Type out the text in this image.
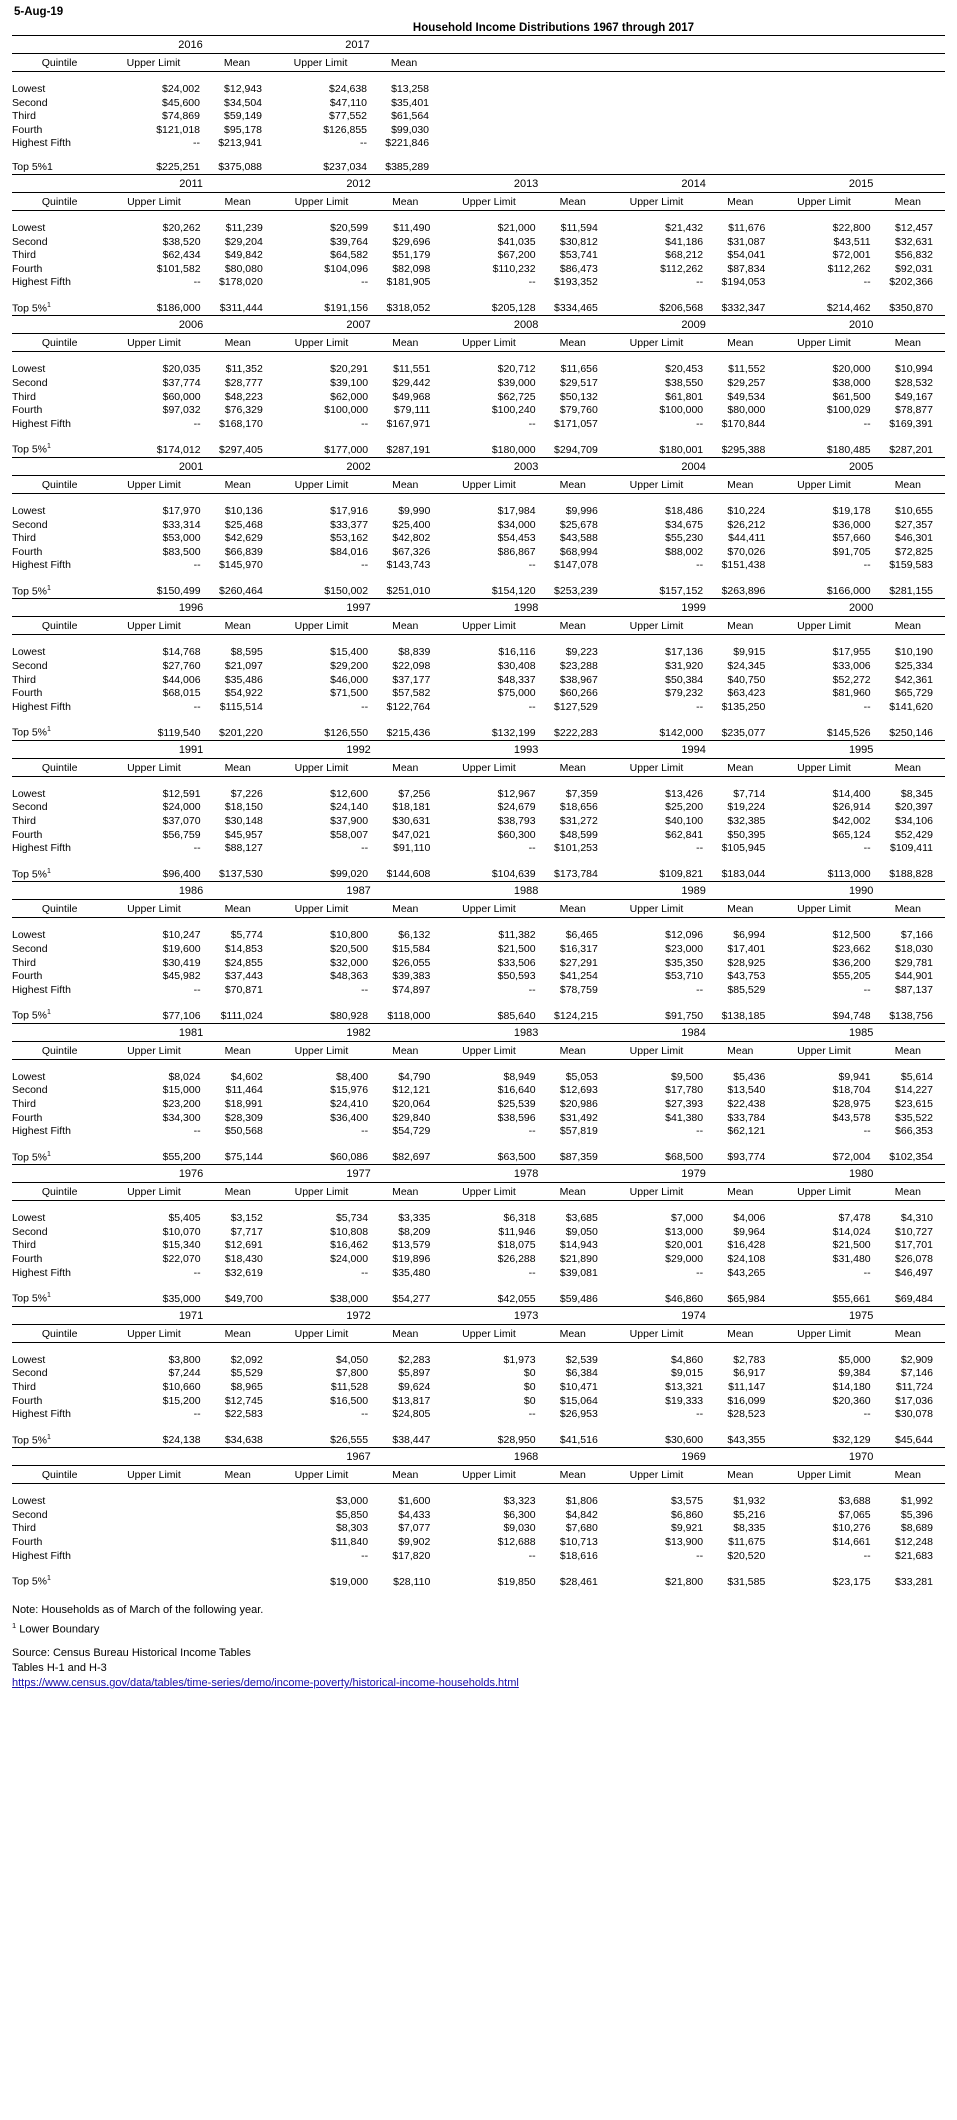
5-Aug-19
Household Income Distributions 1967 through 2017
	2016		2017		
Quintile	Upper Limit	Mean	Upper Limit	Mean	

Lowest	$24,002	$12,943	$24,638	$13,258	
Second	$45,600	$34,504	$47,110	$35,401	
Third	$74,869	$59,149	$77,552	$61,564	
Fourth	$121,018	$95,178	$126,855	$99,030	
Highest Fifth	--	$213,941	--	$221,846	

Top 5%1	$225,251	$375,088	$237,034	$385,289	
	2011		2012		2013		2014		2015	
Quintile	Upper Limit	Mean	Upper Limit	Mean	Upper Limit	Mean	Upper Limit	Mean	Upper Limit	Mean

Lowest	$20,262	$11,239	$20,599	$11,490	$21,000	$11,594	$21,432	$11,676	$22,800	$12,457
Second	$38,520	$29,204	$39,764	$29,696	$41,035	$30,812	$41,186	$31,087	$43,511	$32,631
Third	$62,434	$49,842	$64,582	$51,179	$67,200	$53,741	$68,212	$54,041	$72,001	$56,832
Fourth	$101,582	$80,080	$104,096	$82,098	$110,232	$86,473	$112,262	$87,834	$112,262	$92,031
Highest Fifth	--	$178,020	--	$181,905	--	$193,352	--	$194,053	--	$202,366

Top 5%$^1$	$186,000	$311,444	$191,156	$318,052	$205,128	$334,465	$206,568	$332,347	$214,462	$350,870
	2006		2007		2008		2009		2010	
Quintile	Upper Limit	Mean	Upper Limit	Mean	Upper Limit	Mean	Upper Limit	Mean	Upper Limit	Mean

Lowest	$20,035	$11,352	$20,291	$11,551	$20,712	$11,656	$20,453	$11,552	$20,000	$10,994
Second	$37,774	$28,777	$39,100	$29,442	$39,000	$29,517	$38,550	$29,257	$38,000	$28,532
Third	$60,000	$48,223	$62,000	$49,968	$62,725	$50,132	$61,801	$49,534	$61,500	$49,167
Fourth	$97,032	$76,329	$100,000	$79,111	$100,240	$79,760	$100,000	$80,000	$100,029	$78,877
Highest Fifth	--	$168,170	--	$167,971	--	$171,057	--	$170,844	--	$169,391

Top 5%$^1$	$174,012	$297,405	$177,000	$287,191	$180,000	$294,709	$180,001	$295,388	$180,485	$287,201
	2001		2002		2003		2004		2005	
Quintile	Upper Limit	Mean	Upper Limit	Mean	Upper Limit	Mean	Upper Limit	Mean	Upper Limit	Mean

Lowest	$17,970	$10,136	$17,916	$9,990	$17,984	$9,996	$18,486	$10,224	$19,178	$10,655
Second	$33,314	$25,468	$33,377	$25,400	$34,000	$25,678	$34,675	$26,212	$36,000	$27,357
Third	$53,000	$42,629	$53,162	$42,802	$54,453	$43,588	$55,230	$44,411	$57,660	$46,301
Fourth	$83,500	$66,839	$84,016	$67,326	$86,867	$68,994	$88,002	$70,026	$91,705	$72,825
Highest Fifth	--	$145,970	--	$143,743	--	$147,078	--	$151,438	--	$159,583

Top 5%$^1$	$150,499	$260,464	$150,002	$251,010	$154,120	$253,239	$157,152	$263,896	$166,000	$281,155
	1996		1997		1998		1999		2000	
Quintile	Upper Limit	Mean	Upper Limit	Mean	Upper Limit	Mean	Upper Limit	Mean	Upper Limit	Mean

Lowest	$14,768	$8,595	$15,400	$8,839	$16,116	$9,223	$17,136	$9,915	$17,955	$10,190
Second	$27,760	$21,097	$29,200	$22,098	$30,408	$23,288	$31,920	$24,345	$33,006	$25,334
Third	$44,006	$35,486	$46,000	$37,177	$48,337	$38,967	$50,384	$40,750	$52,272	$42,361
Fourth	$68,015	$54,922	$71,500	$57,582	$75,000	$60,266	$79,232	$63,423	$81,960	$65,729
Highest Fifth	--	$115,514	--	$122,764	--	$127,529	--	$135,250	--	$141,620

Top 5%$^1$	$119,540	$201,220	$126,550	$215,436	$132,199	$222,283	$142,000	$235,077	$145,526	$250,146
	1991		1992		1993		1994		1995	
Quintile	Upper Limit	Mean	Upper Limit	Mean	Upper Limit	Mean	Upper Limit	Mean	Upper Limit	Mean

Lowest	$12,591	$7,226	$12,600	$7,256	$12,967	$7,359	$13,426	$7,714	$14,400	$8,345
Second	$24,000	$18,150	$24,140	$18,181	$24,679	$18,656	$25,200	$19,224	$26,914	$20,397
Third	$37,070	$30,148	$37,900	$30,631	$38,793	$31,272	$40,100	$32,385	$42,002	$34,106
Fourth	$56,759	$45,957	$58,007	$47,021	$60,300	$48,599	$62,841	$50,395	$65,124	$52,429
Highest Fifth	--	$88,127	--	$91,110	--	$101,253	--	$105,945	--	$109,411

Top 5%$^1$	$96,400	$137,530	$99,020	$144,608	$104,639	$173,784	$109,821	$183,044	$113,000	$188,828
	1986		1987		1988		1989		1990	
Quintile	Upper Limit	Mean	Upper Limit	Mean	Upper Limit	Mean	Upper Limit	Mean	Upper Limit	Mean

Lowest	$10,247	$5,774	$10,800	$6,132	$11,382	$6,465	$12,096	$6,994	$12,500	$7,166
Second	$19,600	$14,853	$20,500	$15,584	$21,500	$16,317	$23,000	$17,401	$23,662	$18,030
Third	$30,419	$24,855	$32,000	$26,055	$33,506	$27,291	$35,350	$28,925	$36,200	$29,781
Fourth	$45,982	$37,443	$48,363	$39,383	$50,593	$41,254	$53,710	$43,753	$55,205	$44,901
Highest Fifth	--	$70,871	--	$74,897	--	$78,759	--	$85,529	--	$87,137

Top 5%$^1$	$77,106	$111,024	$80,928	$118,000	$85,640	$124,215	$91,750	$138,185	$94,748	$138,756
	1981		1982		1983		1984		1985	
Quintile	Upper Limit	Mean	Upper Limit	Mean	Upper Limit	Mean	Upper Limit	Mean	Upper Limit	Mean

Lowest	$8,024	$4,602	$8,400	$4,790	$8,949	$5,053	$9,500	$5,436	$9,941	$5,614
Second	$15,000	$11,464	$15,976	$12,121	$16,640	$12,693	$17,780	$13,540	$18,704	$14,227
Third	$23,200	$18,991	$24,410	$20,064	$25,539	$20,986	$27,393	$22,438	$28,975	$23,615
Fourth	$34,300	$28,309	$36,400	$29,840	$38,596	$31,492	$41,380	$33,784	$43,578	$35,522
Highest Fifth	--	$50,568	--	$54,729	--	$57,819	--	$62,121	--	$66,353

Top 5%$^1$	$55,200	$75,144	$60,086	$82,697	$63,500	$87,359	$68,500	$93,774	$72,004	$102,354
	1976		1977		1978		1979		1980	
Quintile	Upper Limit	Mean	Upper Limit	Mean	Upper Limit	Mean	Upper Limit	Mean	Upper Limit	Mean

Lowest	$5,405	$3,152	$5,734	$3,335	$6,318	$3,685	$7,000	$4,006	$7,478	$4,310
Second	$10,070	$7,717	$10,808	$8,209	$11,946	$9,050	$13,000	$9,964	$14,024	$10,727
Third	$15,340	$12,691	$16,462	$13,579	$18,075	$14,943	$20,001	$16,428	$21,500	$17,701
Fourth	$22,070	$18,430	$24,000	$19,896	$26,288	$21,890	$29,000	$24,108	$31,480	$26,078
Highest Fifth	--	$32,619	--	$35,480	--	$39,081	--	$43,265	--	$46,497

Top 5%$^1$	$35,000	$49,700	$38,000	$54,277	$42,055	$59,486	$46,860	$65,984	$55,661	$69,484
	1971		1972		1973		1974		1975	
Quintile	Upper Limit	Mean	Upper Limit	Mean	Upper Limit	Mean	Upper Limit	Mean	Upper Limit	Mean

Lowest	$3,800	$2,092	$4,050	$2,283	$1,973	$2,539	$4,860	$2,783	$5,000	$2,909
Second	$7,244	$5,529	$7,800	$5,897	$0	$6,384	$9,015	$6,917	$9,384	$7,146
Third	$10,660	$8,965	$11,528	$9,624	$0	$10,471	$13,321	$11,147	$14,180	$11,724
Fourth	$15,200	$12,745	$16,500	$13,817	$0	$15,064	$19,333	$16,099	$20,360	$17,036
Highest Fifth	--	$22,583	--	$24,805	--	$26,953	--	$28,523	--	$30,078

Top 5%$^1$	$24,138	$34,638	$26,555	$38,447	$28,950	$41,516	$30,600	$43,355	$32,129	$45,644
			1967		1968		1969		1970	
Quintile	Upper Limit	Mean	Upper Limit	Mean	Upper Limit	Mean	Upper Limit	Mean	Upper Limit	Mean

Lowest			$3,000	$1,600	$3,323	$1,806	$3,575	$1,932	$3,688	$1,992
Second			$5,850	$4,433	$6,300	$4,842	$6,860	$5,216	$7,065	$5,396
Third			$8,303	$7,077	$9,030	$7,680	$9,921	$8,335	$10,276	$8,689
Fourth			$11,840	$9,902	$12,688	$10,713	$13,900	$11,675	$14,661	$12,248
Highest Fifth			--	$17,820	--	$18,616	--	$20,520	--	$21,683

Top 5%$^1$			$19,000	$28,110	$19,850	$28,461	$21,800	$31,585	$23,175	$33,281
Note: Households as of March of the following year.
$^1$ Lower Boundary

Source: Census Bureau Historical Income Tables
Tables H-1 and H-3
https://www.census.gov/data/tables/time-series/demo/income-poverty/historical-income-households.html
